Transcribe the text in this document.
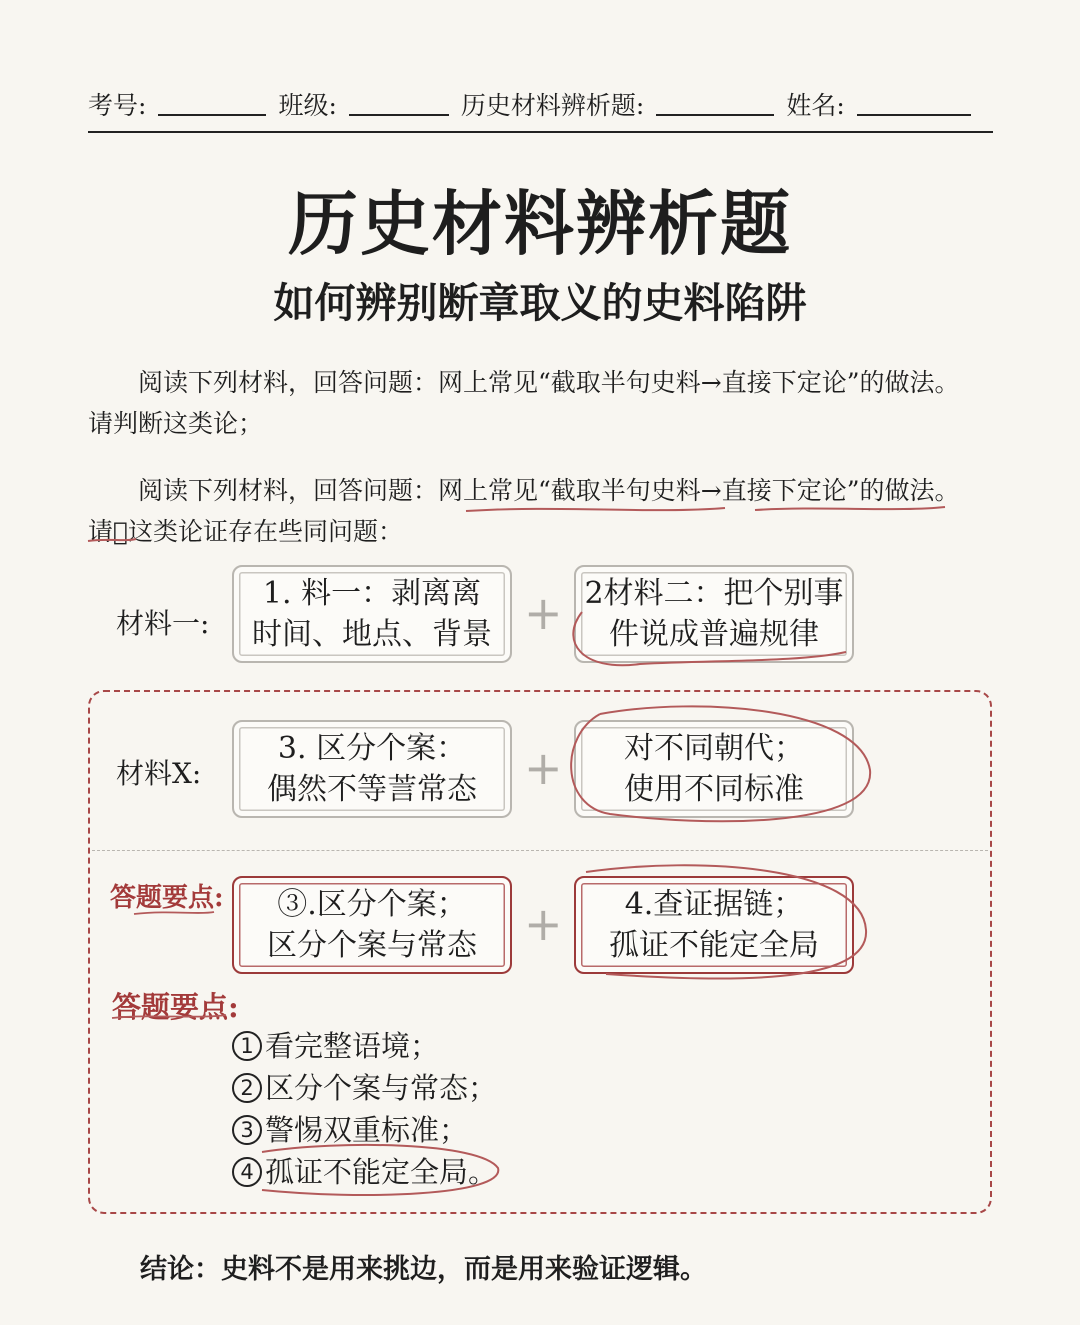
考号:	班级:	历史材料辨析题:	姓名:
历史材料辨析题
如何辨别断章取义的史料陷阱
阅读下列材料，回答问题：网上常见“截取半句史料→直接下定论”的做法。
请判断这类论；
阅读下列材料，回答问题：网上常见“截取半句史料→直接下定论”的做法。
请𭔚这类论证存在些同问题：
材料一:
1. 料一：剥离离
时间、地点、背景 + 2材料二：把个别事
件说成普遍规律
材料X:
3. 区分个案：
偶然不等䓂常态 + 对不同朝代；
使用不同标准
答题要点: ③.区分个案；
区分个案与常态 + 4.查证据链；
孤证不能定全局
答题要点:
1 看完整语境；
2 区分个案与常态；
3 警惕双重标准；
4 孤证不能定全局。
结论：史料不是用来挑边，而是用来验证逻辑。
